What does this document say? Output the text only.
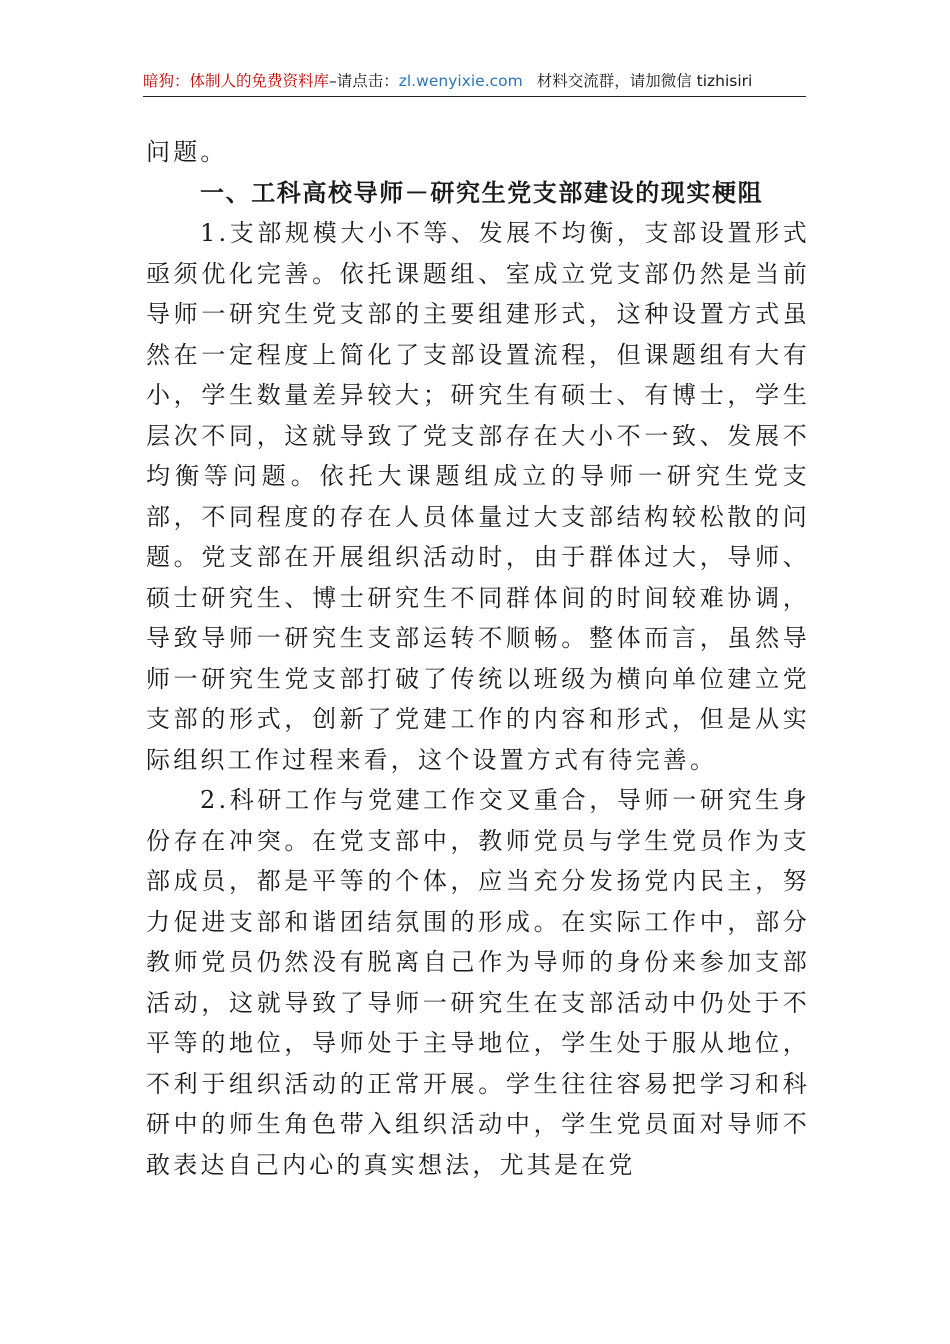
暗狗：体制人的免费资料库–请点击：zl.wenyixie.com 材料交流群，请加微信 tizhisiri

问题。

一、工科高校导师－研究生党支部建设的现实梗阻

1.支部规模大小不等、发展不均衡，支部设置形式亟须优化完善。依托课题组、室成立党支部仍然是当前导师一研究生党支部的主要组建形式，这种设置方式虽然在一定程度上简化了支部设置流程，但课题组有大有小，学生数量差异较大；研究生有硕士、有博士，学生层次不同，这就导致了党支部存在大小不一致、发展不均衡等问题。依托大课题组成立的导师一研究生党支部，不同程度的存在人员体量过大支部结构较松散的问题。党支部在开展组织活动时，由于群体过大，导师、硕士研究生、博士研究生不同群体间的时间较难协调，导致导师一研究生支部运转不顺畅。整体而言，虽然导师一研究生党支部打破了传统以班级为横向单位建立党支部的形式，创新了党建工作的内容和形式，但是从实际组织工作过程来看，这个设置方式有待完善。

2.科研工作与党建工作交叉重合，导师一研究生身份存在冲突。在党支部中，教师党员与学生党员作为支部成员，都是平等的个体，应当充分发扬党内民主，努力促进支部和谐团结氛围的形成。在实际工作中，部分教师党员仍然没有脱离自己作为导师的身份来参加支部活动，这就导致了导师一研究生在支部活动中仍处于不平等的地位，导师处于主导地位，学生处于服从地位，不利于组织活动的正常开展。学生往往容易把学习和科研中的师生角色带入组织活动中，学生党员面对导师不敢表达自己内心的真实想法，尤其是在党
